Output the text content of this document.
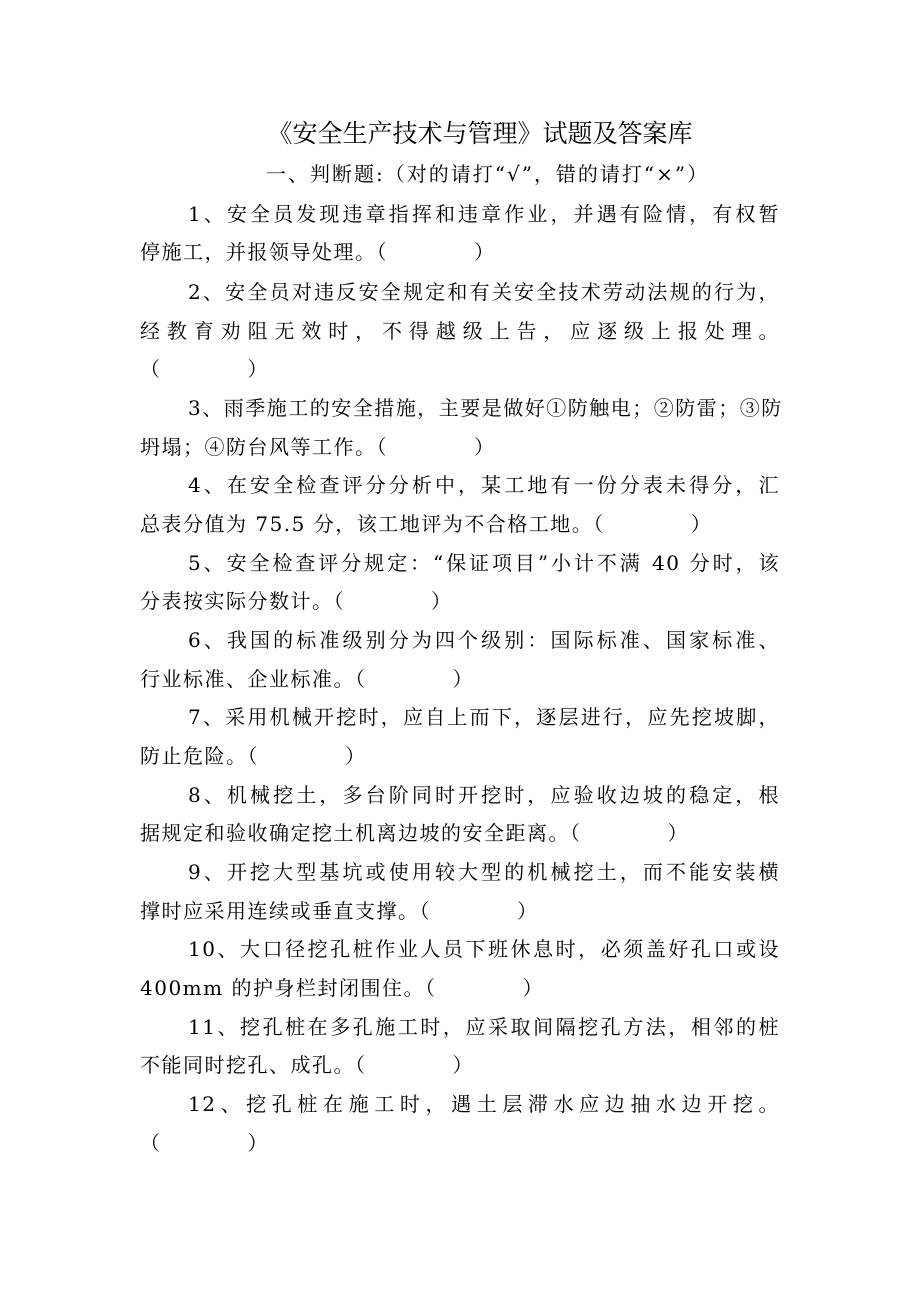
《安全生产技术与管理》试题及答案库
一、判断题:（对的请打“√”，错的请打“×”）
1、安全员发现违章指挥和违章作业，并遇有险情，有权暂
停施工，并报领导处理。（　　　　）
2、安全员对违反安全规定和有关安全技术劳动法规的行为，
经教育劝阻无效时，不得越级上告，应逐级上报处理。
（　　　　）
3、雨季施工的安全措施，主要是做好①防触电；②防雷；③防
坍塌；④防台风等工作。（　　　　）
4、在安全检查评分分析中，某工地有一份分表未得分，汇
总表分值为 75.5 分，该工地评为不合格工地。（　　　　）
5、安全检查评分规定：“保证项目”小计不满 40 分时，该
分表按实际分数计。（　　　　）
6、我国的标准级别分为四个级别：国际标准、国家标准、
行业标准、企业标准。（　　　　）
7、采用机械开挖时，应自上而下，逐层进行，应先挖坡脚，
防止危险。（　　　　）
8、机械挖土，多台阶同时开挖时，应验收边坡的稳定，根
据规定和验收确定挖土机离边坡的安全距离。（　　　　）
9、开挖大型基坑或使用较大型的机械挖土，而不能安装横
撑时应采用连续或垂直支撑。（　　　　）
10、大口径挖孔桩作业人员下班休息时，必须盖好孔口或设
400mm 的护身栏封闭围住。（　　　　）
11、挖孔桩在多孔施工时，应采取间隔挖孔方法，相邻的桩
不能同时挖孔、成孔。（　　　　）
12、挖孔桩在施工时，遇土层滞水应边抽水边开挖。
（　　　　）
